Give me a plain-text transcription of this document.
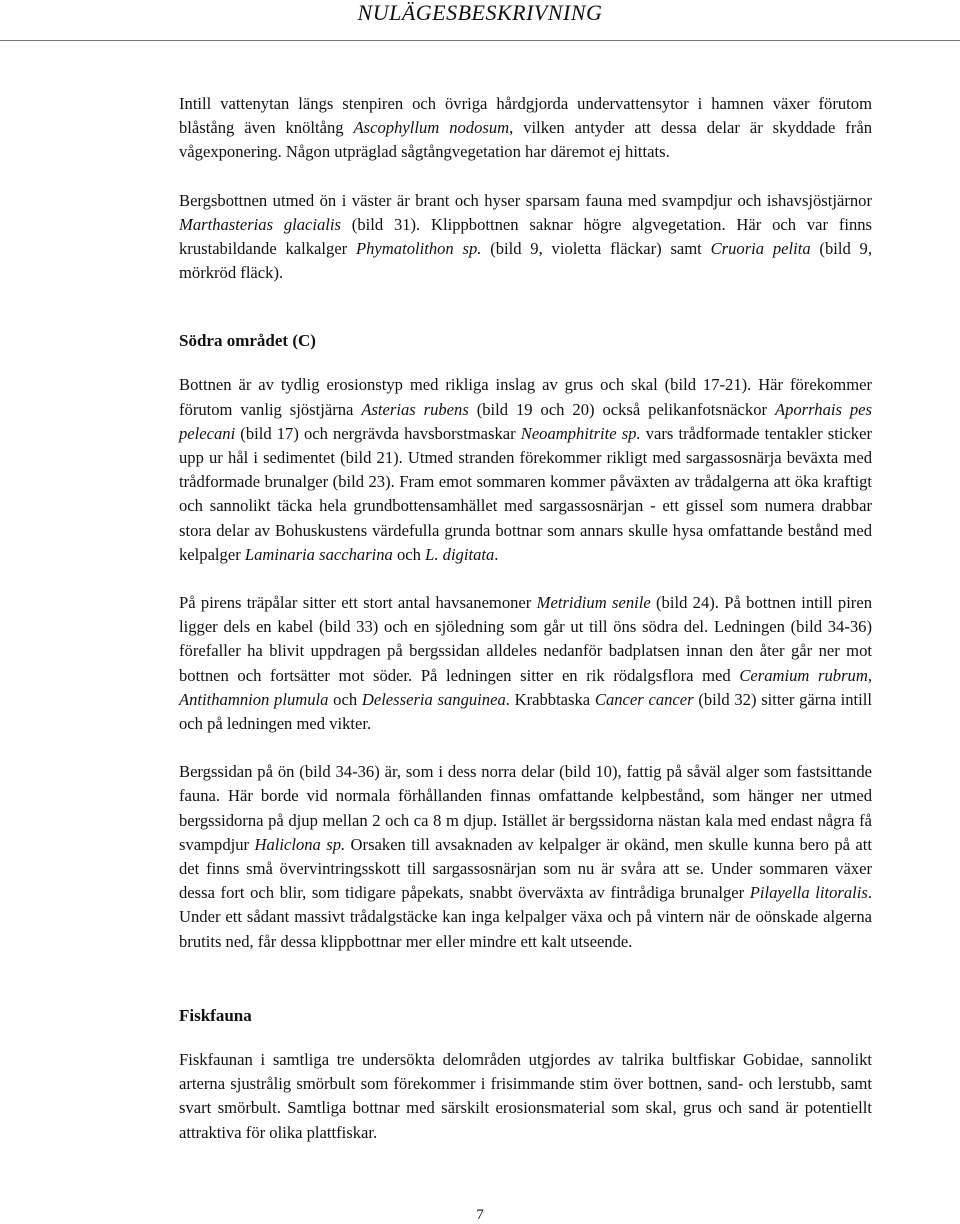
NULÄGESBESKRIVNING

Intill vattenytan längs stenpiren och övriga hårdgjorda undervattensytor i hamnen växer förutom blåstång även knöltång Ascophyllum nodosum, vilken antyder att dessa delar är skyddade från vågexponering. Någon utpräglad sågtångvegetation har däremot ej hittats.

Bergsbottnen utmed ön i väster är brant och hyser sparsam fauna med svampdjur och ishavsjöstjärnor Marthasterias glacialis (bild 31). Klippbottnen saknar högre algvegetation. Här och var finns krustabildande kalkalger Phymatolithon sp. (bild 9, violetta fläckar) samt Cruoria pelita (bild 9, mörkröd fläck).

Södra området (C)

Bottnen är av tydlig erosionstyp med rikliga inslag av grus och skal (bild 17-21). Här förekommer förutom vanlig sjöstjärna Asterias rubens (bild 19 och 20) också pelikanfotsnäckor Aporrhais pes pelecani (bild 17) och nergrävda havsborstmaskar Neoamphitrite sp. vars trådformade tentakler sticker upp ur hål i sedimentet (bild 21). Utmed stranden förekommer rikligt med sargassosnärja beväxta med trådformade brunalger (bild 23). Fram emot sommaren kommer påväxten av trådalgerna att öka kraftigt och sannolikt täcka hela grundbottensamhället med sargassosnärjan - ett gissel som numera drabbar stora delar av Bohuskustens värdefulla grunda bottnar som annars skulle hysa omfattande bestånd med kelpalger Laminaria saccharina och L. digitata.

På pirens träpålar sitter ett stort antal havsanemoner Metridium senile (bild 24). På bottnen intill piren ligger dels en kabel (bild 33) och en sjöledning som går ut till öns södra del. Ledningen (bild 34-36) förefaller ha blivit uppdragen på bergssidan alldeles nedanför badplatsen innan den åter går ner mot bottnen och fortsätter mot söder. På ledningen sitter en rik rödalgsflora med Ceramium rubrum, Antithamnion plumula och Delesseria sanguinea. Krabbtaska Cancer cancer (bild 32) sitter gärna intill och på ledningen med vikter.

Bergssidan på ön (bild 34-36) är, som i dess norra delar (bild 10), fattig på såväl alger som fastsittande fauna. Här borde vid normala förhållanden finnas omfattande kelpbestånd, som hänger ner utmed bergssidorna på djup mellan 2 och ca 8 m djup. Istället är bergssidorna nästan kala med endast några få svampdjur Haliclona sp. Orsaken till avsaknaden av kelpalger är okänd, men skulle kunna bero på att det finns små övervintringsskott till sargassosnärjan som nu är svåra att se. Under sommaren växer dessa fort och blir, som tidigare påpekats, snabbt överväxta av fintrådiga brunalger Pilayella litoralis. Under ett sådant massivt trådalgstäcke kan inga kelpalger växa och på vintern när de oönskade algerna brutits ned, får dessa klippbottnar mer eller mindre ett kalt utseende.

Fiskfauna

Fiskfaunan i samtliga tre undersökta delområden utgjordes av talrika bultfiskar Gobidae, sannolikt arterna sjustrålig smörbult som förekommer i frisimmande stim över bottnen, sand- och lerstubb, samt svart smörbult. Samtliga bottnar med särskilt erosionsmaterial som skal, grus och sand är potentiellt attraktiva för olika plattfiskar.

7
